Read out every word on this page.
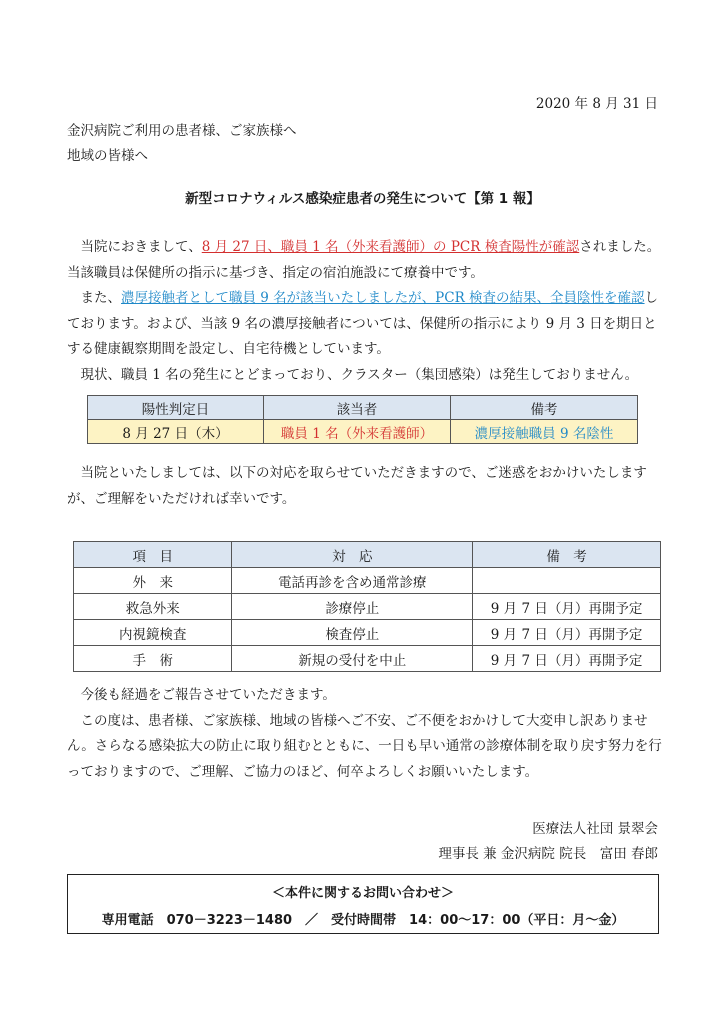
2020 年 8 月 31 日
金沢病院ご利用の患者様、ご家族様へ
地域の皆様へ
新型コロナウィルス感染症患者の発生について【第 1 報】
　当院におきまして、8 月 27 日、職員 1 名（外来看護師）の PCR 検査陽性が確認されました。当該職員は保健所の指示に基づき、指定の宿泊施設にて療養中です。
　また、濃厚接触者として職員 9 名が該当いたしましたが、PCR 検査の結果、全員陰性を確認しております。および、当該 9 名の濃厚接触者については、保健所の指示により 9 月 3 日を期日とする健康観察期間を設定し、自宅待機としています。
　現状、職員 1 名の発生にとどまっており、クラスター（集団感染）は発生しておりません。
陽性判定日	該当者	備考
8 月 27 日（木）	職員 1 名（外来看護師）	濃厚接触職員 9 名陰性
　当院といたしましては、以下の対応を取らせていただきますので、ご迷惑をおかけいたしますが、ご理解をいただければ幸いです。
項　目	対　応	備　考
外　来	電話再診を含め通常診療	
救急外来	診療停止	9 月 7 日（月）再開予定
内視鏡検査	検査停止	9 月 7 日（月）再開予定
手　術	新規の受付を中止	9 月 7 日（月）再開予定
　今後も経過をご報告させていただきます。
　この度は、患者様、ご家族様、地域の皆様へご不安、ご不便をおかけして大変申し訳ありません。さらなる感染拡大の防止に取り組むとともに、一日も早い通常の診療体制を取り戻す努力を行っておりますので、ご理解、ご協力のほど、何卒よろしくお願いいたします。
医療法人社団 景翠会
理事長 兼 金沢病院 院長　富田 春郎
＜本件に関するお問い合わせ＞
専用電話　070－3223－1480　／　受付時間帯　14：00～17：00（平日：月～金）
